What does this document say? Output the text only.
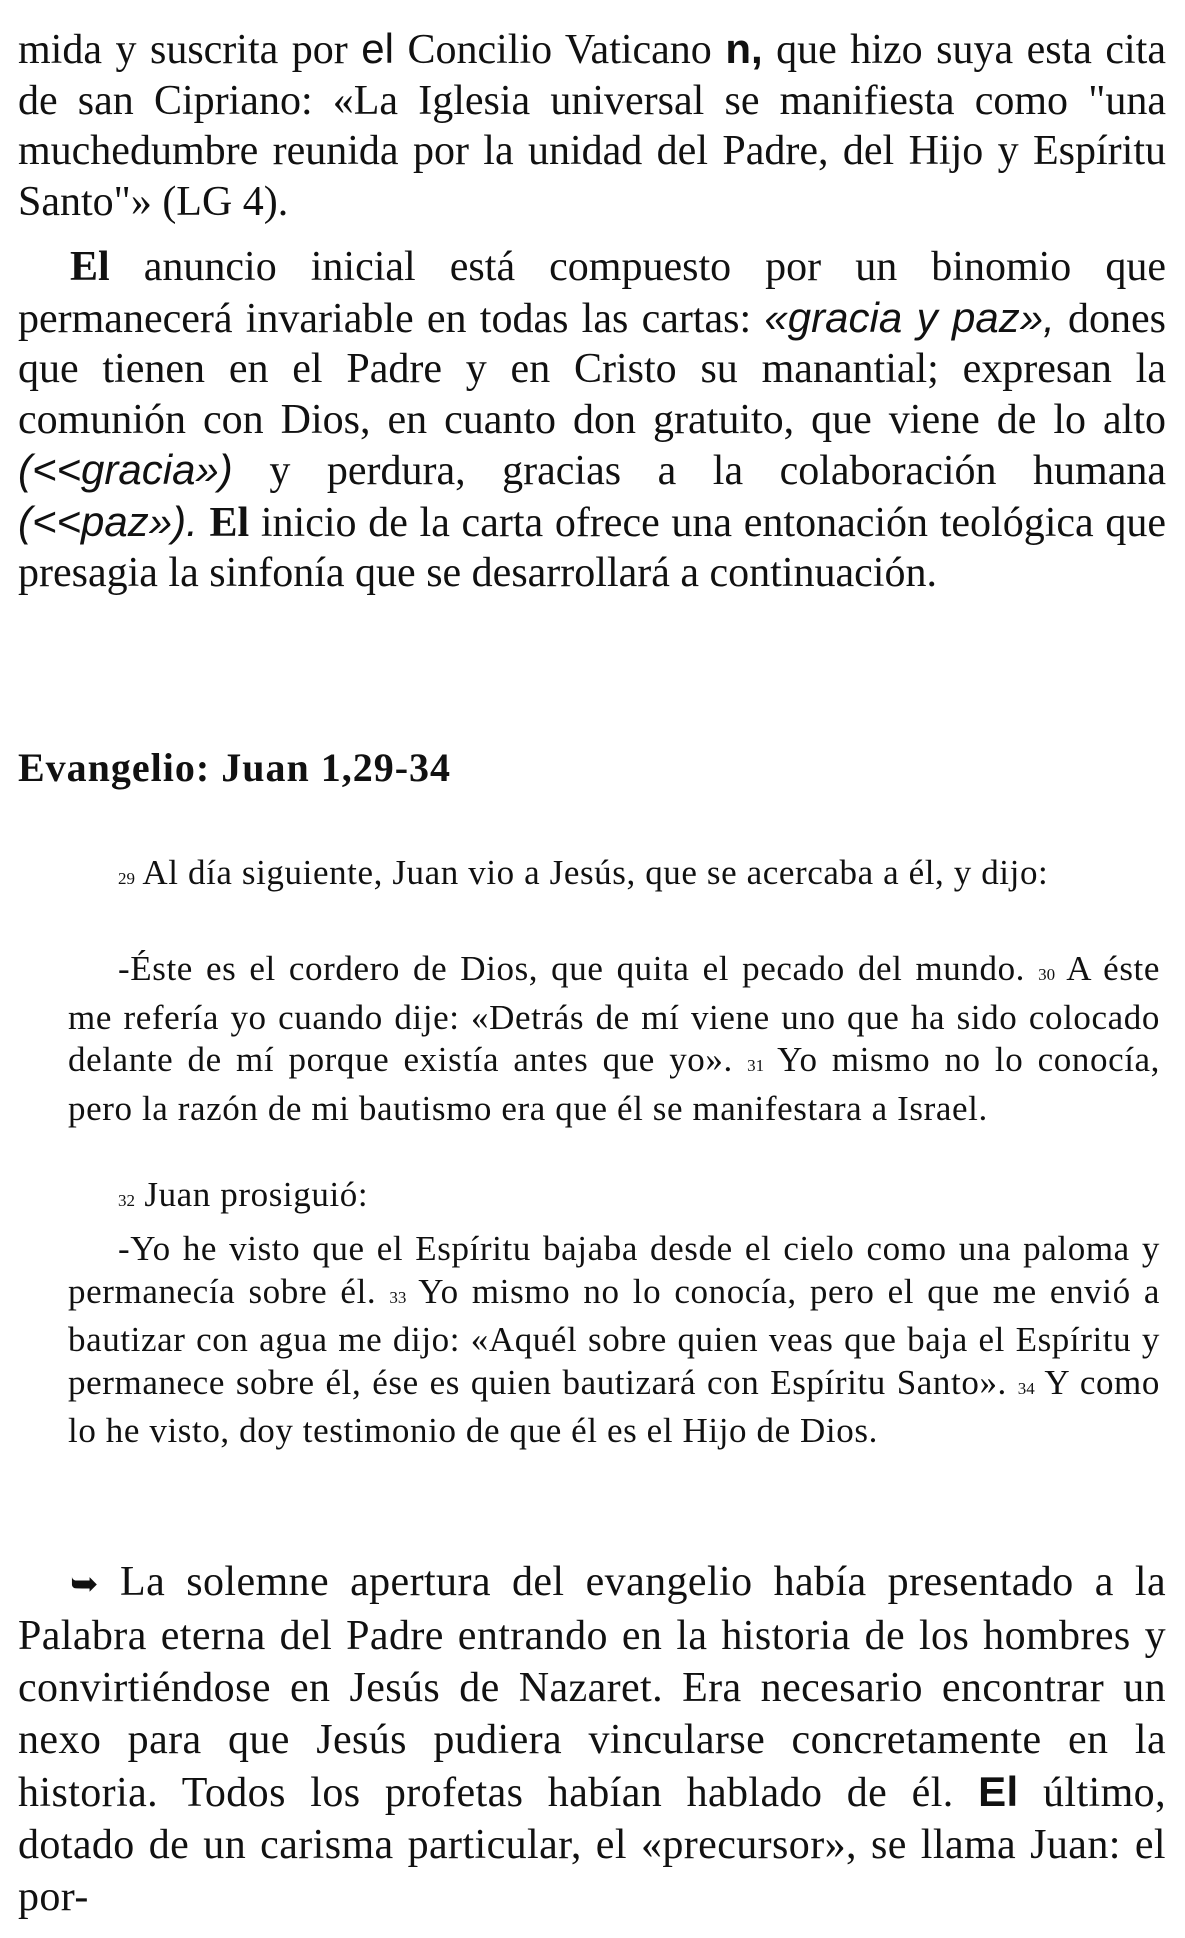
mida y suscrita por el Concilio Vaticano n, que hizo suya esta cita de san Cipriano: «La Iglesia universal se manifiesta como "una muchedumbre reunida por la unidad del Padre, del Hijo y Espíritu Santo"» (LG 4).

El anuncio inicial está compuesto por un binomio que permanecerá invariable en todas las cartas: «gracia y paz», dones que tienen en el Padre y en Cristo su manantial; expresan la comunión con Dios, en cuanto don gratuito, que viene de lo alto (<<gracia») y perdura, gracias a la colaboración humana (<<paz»). El inicio de la carta ofrece una entonación teológica que presagia la sinfonía que se desarrollará a continuación.

Evangelio: Juan 1,29-34

29 Al día siguiente, Juan vio a Jesús, que se acercaba a él, y dijo:

-Éste es el cordero de Dios, que quita el pecado del mundo. 30 A éste me refería yo cuando dije: «Detrás de mí viene uno que ha sido colocado delante de mí porque existía antes que yo». 31 Yo mismo no lo conocía, pero la razón de mi bautismo era que él se manifestara a Israel.

32 Juan prosiguió:

-Yo he visto que el Espíritu bajaba desde el cielo como una paloma y permanecía sobre él. 33 Yo mismo no lo conocía, pero el que me envió a bautizar con agua me dijo: «Aquél sobre quien veas que baja el Espíritu y permanece sobre él, ése es quien bautizará con Espíritu Santo». 34 Y como lo he visto, doy testimonio de que él es el Hijo de Dios.

➥ La solemne apertura del evangelio había presentado a la Palabra eterna del Padre entrando en la historia de los hombres y convirtiéndose en Jesús de Nazaret. Era necesario encontrar un nexo para que Jesús pudiera vincularse concretamente en la historia. Todos los profetas habían hablado de él. El último, dotado de un carisma particular, el «precursor», se llama Juan: el por-
